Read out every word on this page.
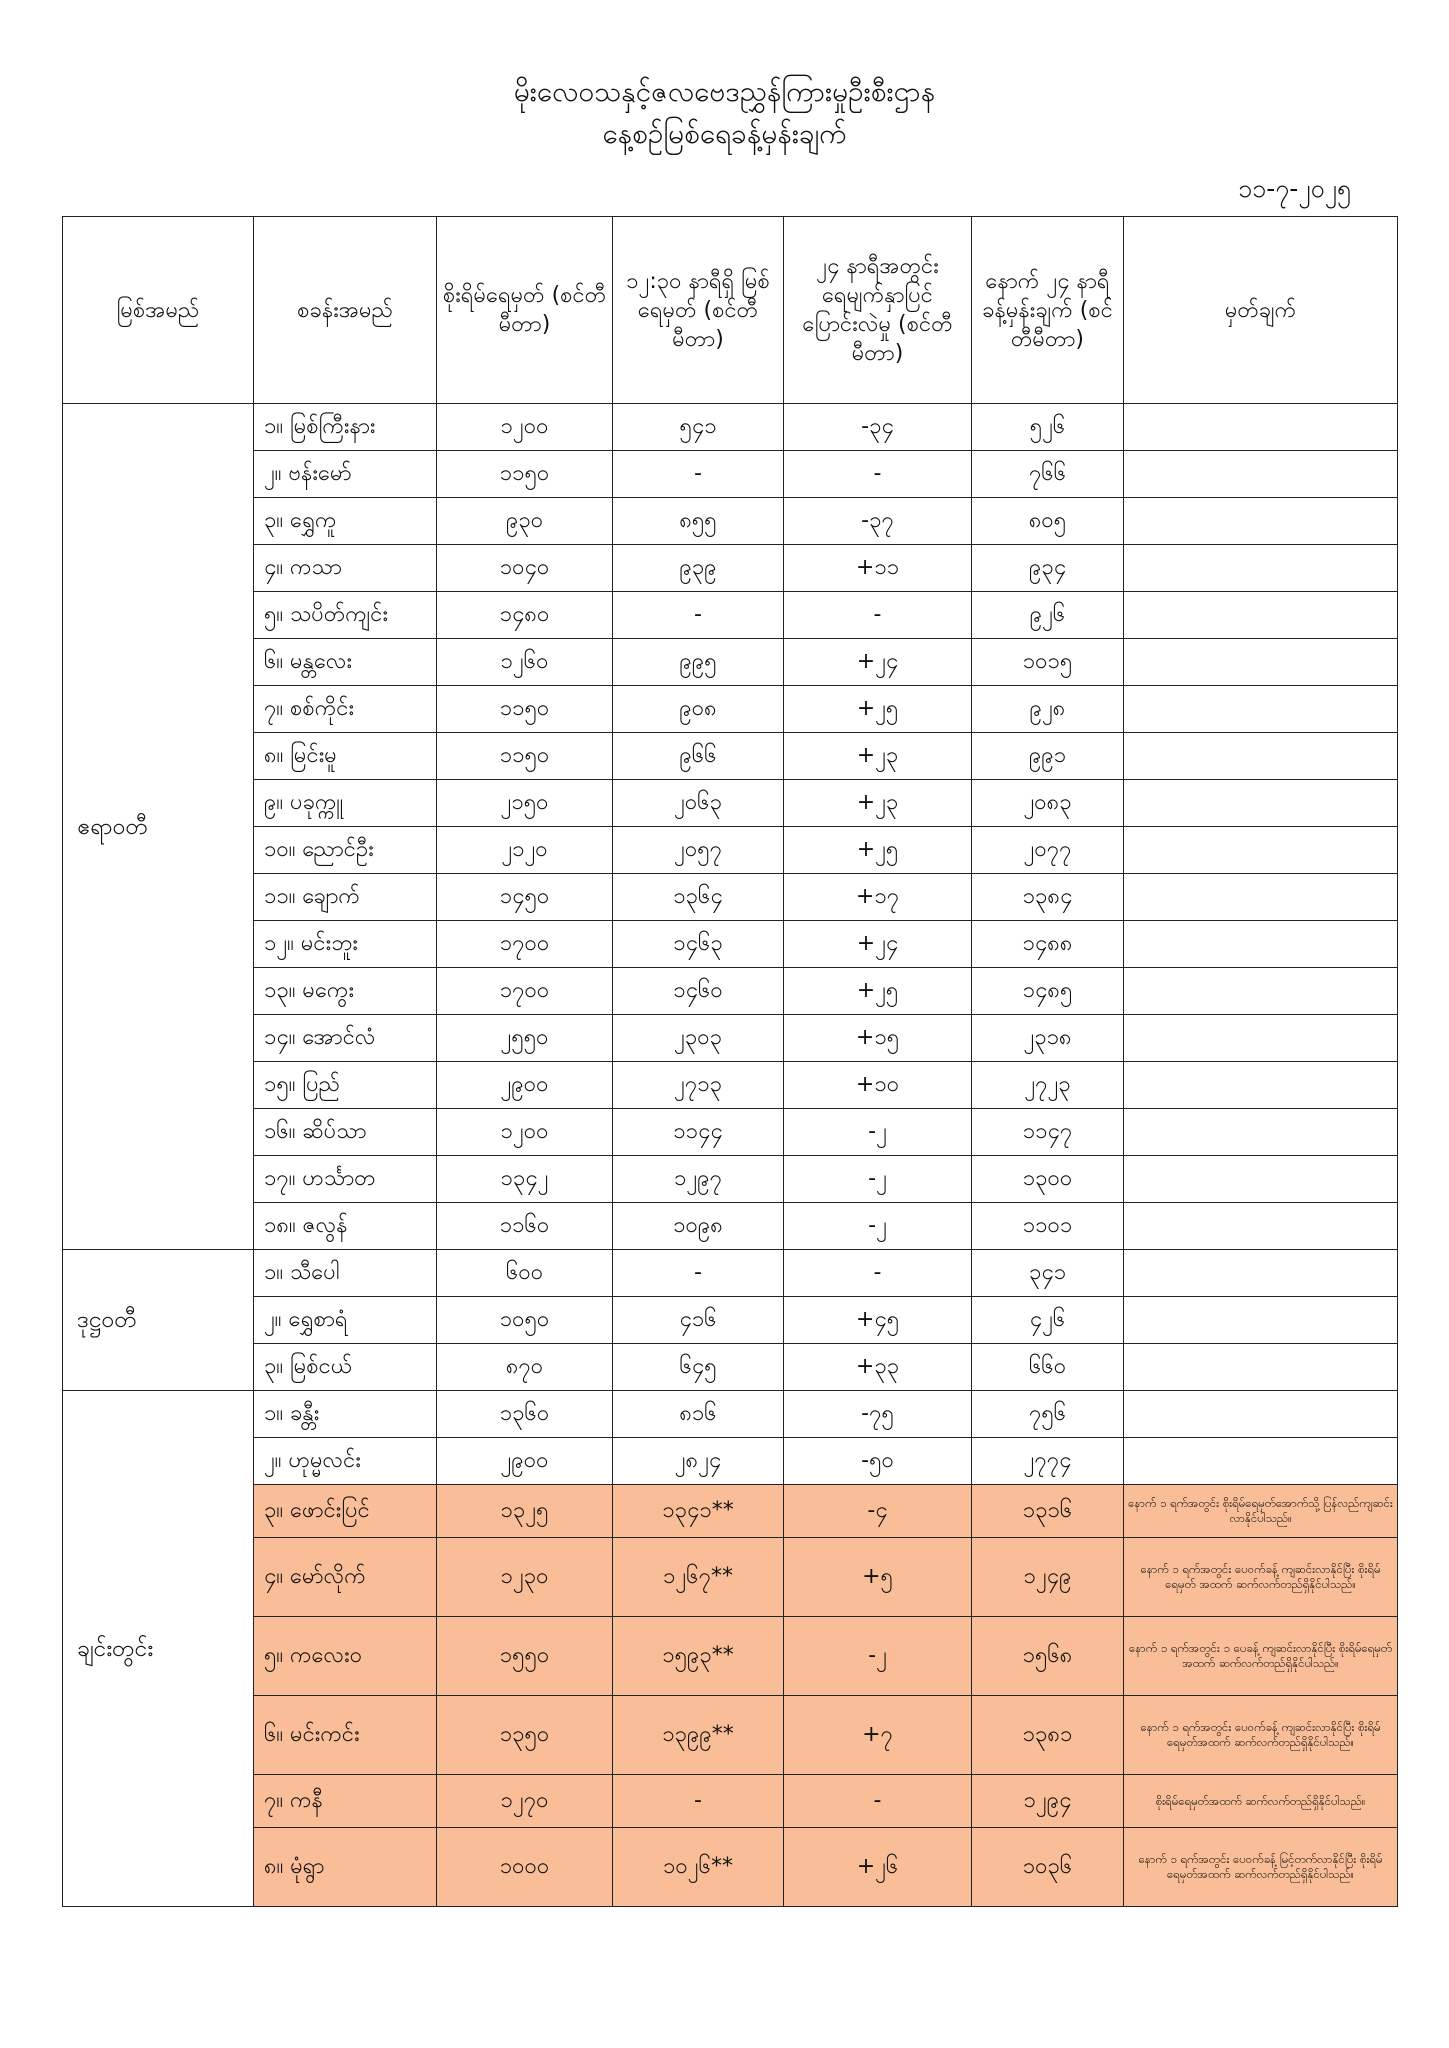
မိုးလေဝသနှင့်ဇလဗေဒညွှန်ကြားမှုဦးစီးဌာန
နေ့စဉ်မြစ်ရေခန့်မှန်းချက်
၁၁-၇-၂၀၂၅
မြစ်အမည်	စခန်းအမည်	စိုးရိမ်ရေမှတ် (စင်တီမီတာ)	၁၂:၃၀ နာရီရှိ မြစ်ရေမှတ် (စင်တီမီတာ)	၂၄ နာရီအတွင်း ရေမျက်နှာပြင် ပြောင်းလဲမှု (စင်တီမီတာ)	နောက် ၂၄ နာရီ ခန့်မှန်းချက် (စင်တီမီတာ)	မှတ်ချက်
ဧရာဝတီ	၁။ မြစ်ကြီးနား	၁၂၀၀	၅၄၁	-၃၄	၅၂၆	
	၂။ ဗန်းမော်	၁၁၅၀	-	-	၇၆၆	
	၃။ ရွှေကူ	၉၃၀	၈၅၅	-၃၇	၈၀၅	
	၄။ ကသာ	၁၀၄၀	၉၃၉	+၁၁	၉၃၄	
	၅။ သပိတ်ကျင်း	၁၄၈၀	-	-	၉၂၆	
	၆။ မန္တလေး	၁၂၆၀	၉၉၅	+၂၄	၁၀၁၅	
	၇။ စစ်ကိုင်း	၁၁၅၀	၉၀၈	+၂၅	၉၂၈	
	၈။ မြင်းမူ	၁၁၅၀	၉၆၆	+၂၃	၉၉၁	
	၉။ ပခုက္ကူ	၂၁၅၀	၂၀၆၃	+၂၃	၂၀၈၃	
	၁၀။ ညောင်ဦး	၂၁၂၀	၂၀၅၇	+၂၅	၂၀၇၇	
	၁၁။ ချောက်	၁၄၅၀	၁၃၆၄	+၁၇	၁၃၈၄	
	၁၂။ မင်းဘူး	၁၇၀၀	၁၄၆၃	+၂၄	၁၄၈၈	
	၁၃။ မကွေး	၁၇၀၀	၁၄၆၀	+၂၅	၁၄၈၅	
	၁၄။ အောင်လံ	၂၅၅၀	၂၃၀၃	+၁၅	၂၃၁၈	
	၁၅။ ပြည်	၂၉၀၀	၂၇၁၃	+၁၀	၂၇၂၃	
	၁၆။ ဆိပ်သာ	၁၂၀၀	၁၁၄၄	-၂	၁၁၄၇	
	၁၇။ ဟင်္သာတ	၁၃၄၂	၁၂၉၇	-၂	၁၃၀၀	
	၁၈။ ဇလွန်	၁၁၆၀	၁၀၉၈	-၂	၁၁၀၁	
ဒုဋ္ဌဝတီ	၁။ သီပေါ	၆၀၀	-	-	၃၄၁	
	၂။ ရွှေစာရံ	၁၀၅၀	၄၁၆	+၄၅	၄၂၆	
	၃။ မြစ်ငယ်	၈၇၀	၆၄၅	+၃၃	၆၆၀	
ချင်းတွင်း	၁။ ခန္တီး	၁၃၆၀	၈၁၆	-၇၅	၇၅၆	
	၂။ ဟုမ္မလင်း	၂၉၀၀	၂၈၂၄	-၅၀	၂၇၇၄	
	၃။ ဖောင်းပြင်	၁၃၂၅	၁၃၄၁**	-၄	၁၃၁၆	နောက် ၁ ရက်အတွင်း စိုးရိမ်ရေမှတ်အောက်သို့ ပြန်လည်ကျဆင်းလာနိုင်ပါသည်။
	၄။ မော်လိုက်	၁၂၃၀	၁၂၆၇**	+၅	၁၂၄၉	နောက် ၁ ရက်အတွင်း ပေ၀က်ခန့် ကျဆင်းလာနိုင်ပြီး စိုးရိမ်ရေမှတ် အထက် ဆက်လက်တည်ရှိနိုင်ပါသည်။
	၅။ ကလေးဝ	၁၅၅၀	၁၅၉၃**	-၂	၁၅၆၈	နောက် ၁ ရက်အတွင်း ၁ ပေခန့် ကျဆင်းလာနိုင်ပြီး စိုးရိမ်ရေမှတ်အထက် ဆက်လက်တည်ရှိနိုင်ပါသည်။
	၆။ မင်းကင်း	၁၃၅၀	၁၃၉၉**	+၇	၁၃၈၁	နောက် ၁ ရက်အတွင်း ပေ၀က်ခန့် ကျဆင်းလာနိုင်ပြီး စိုးရိမ်ရေမှတ်အထက် ဆက်လက်တည်ရှိနိုင်ပါသည်။
	၇။ ကနီ	၁၂၇၀	-	-	၁၂၉၄	စိုးရိမ်ရေမှတ်အထက် ဆက်လက်တည်ရှိနိုင်ပါသည်။
	၈။ မုံရွာ	၁၀၀၀	၁၀၂၆**	+၂၆	၁၀၃၆	နောက် ၁ ရက်အတွင်း ပေ၀က်ခန့် မြင့်တက်လာနိုင်ပြီး စိုးရိမ်ရေမှတ်အထက် ဆက်လက်တည်ရှိနိုင်ပါသည်။
